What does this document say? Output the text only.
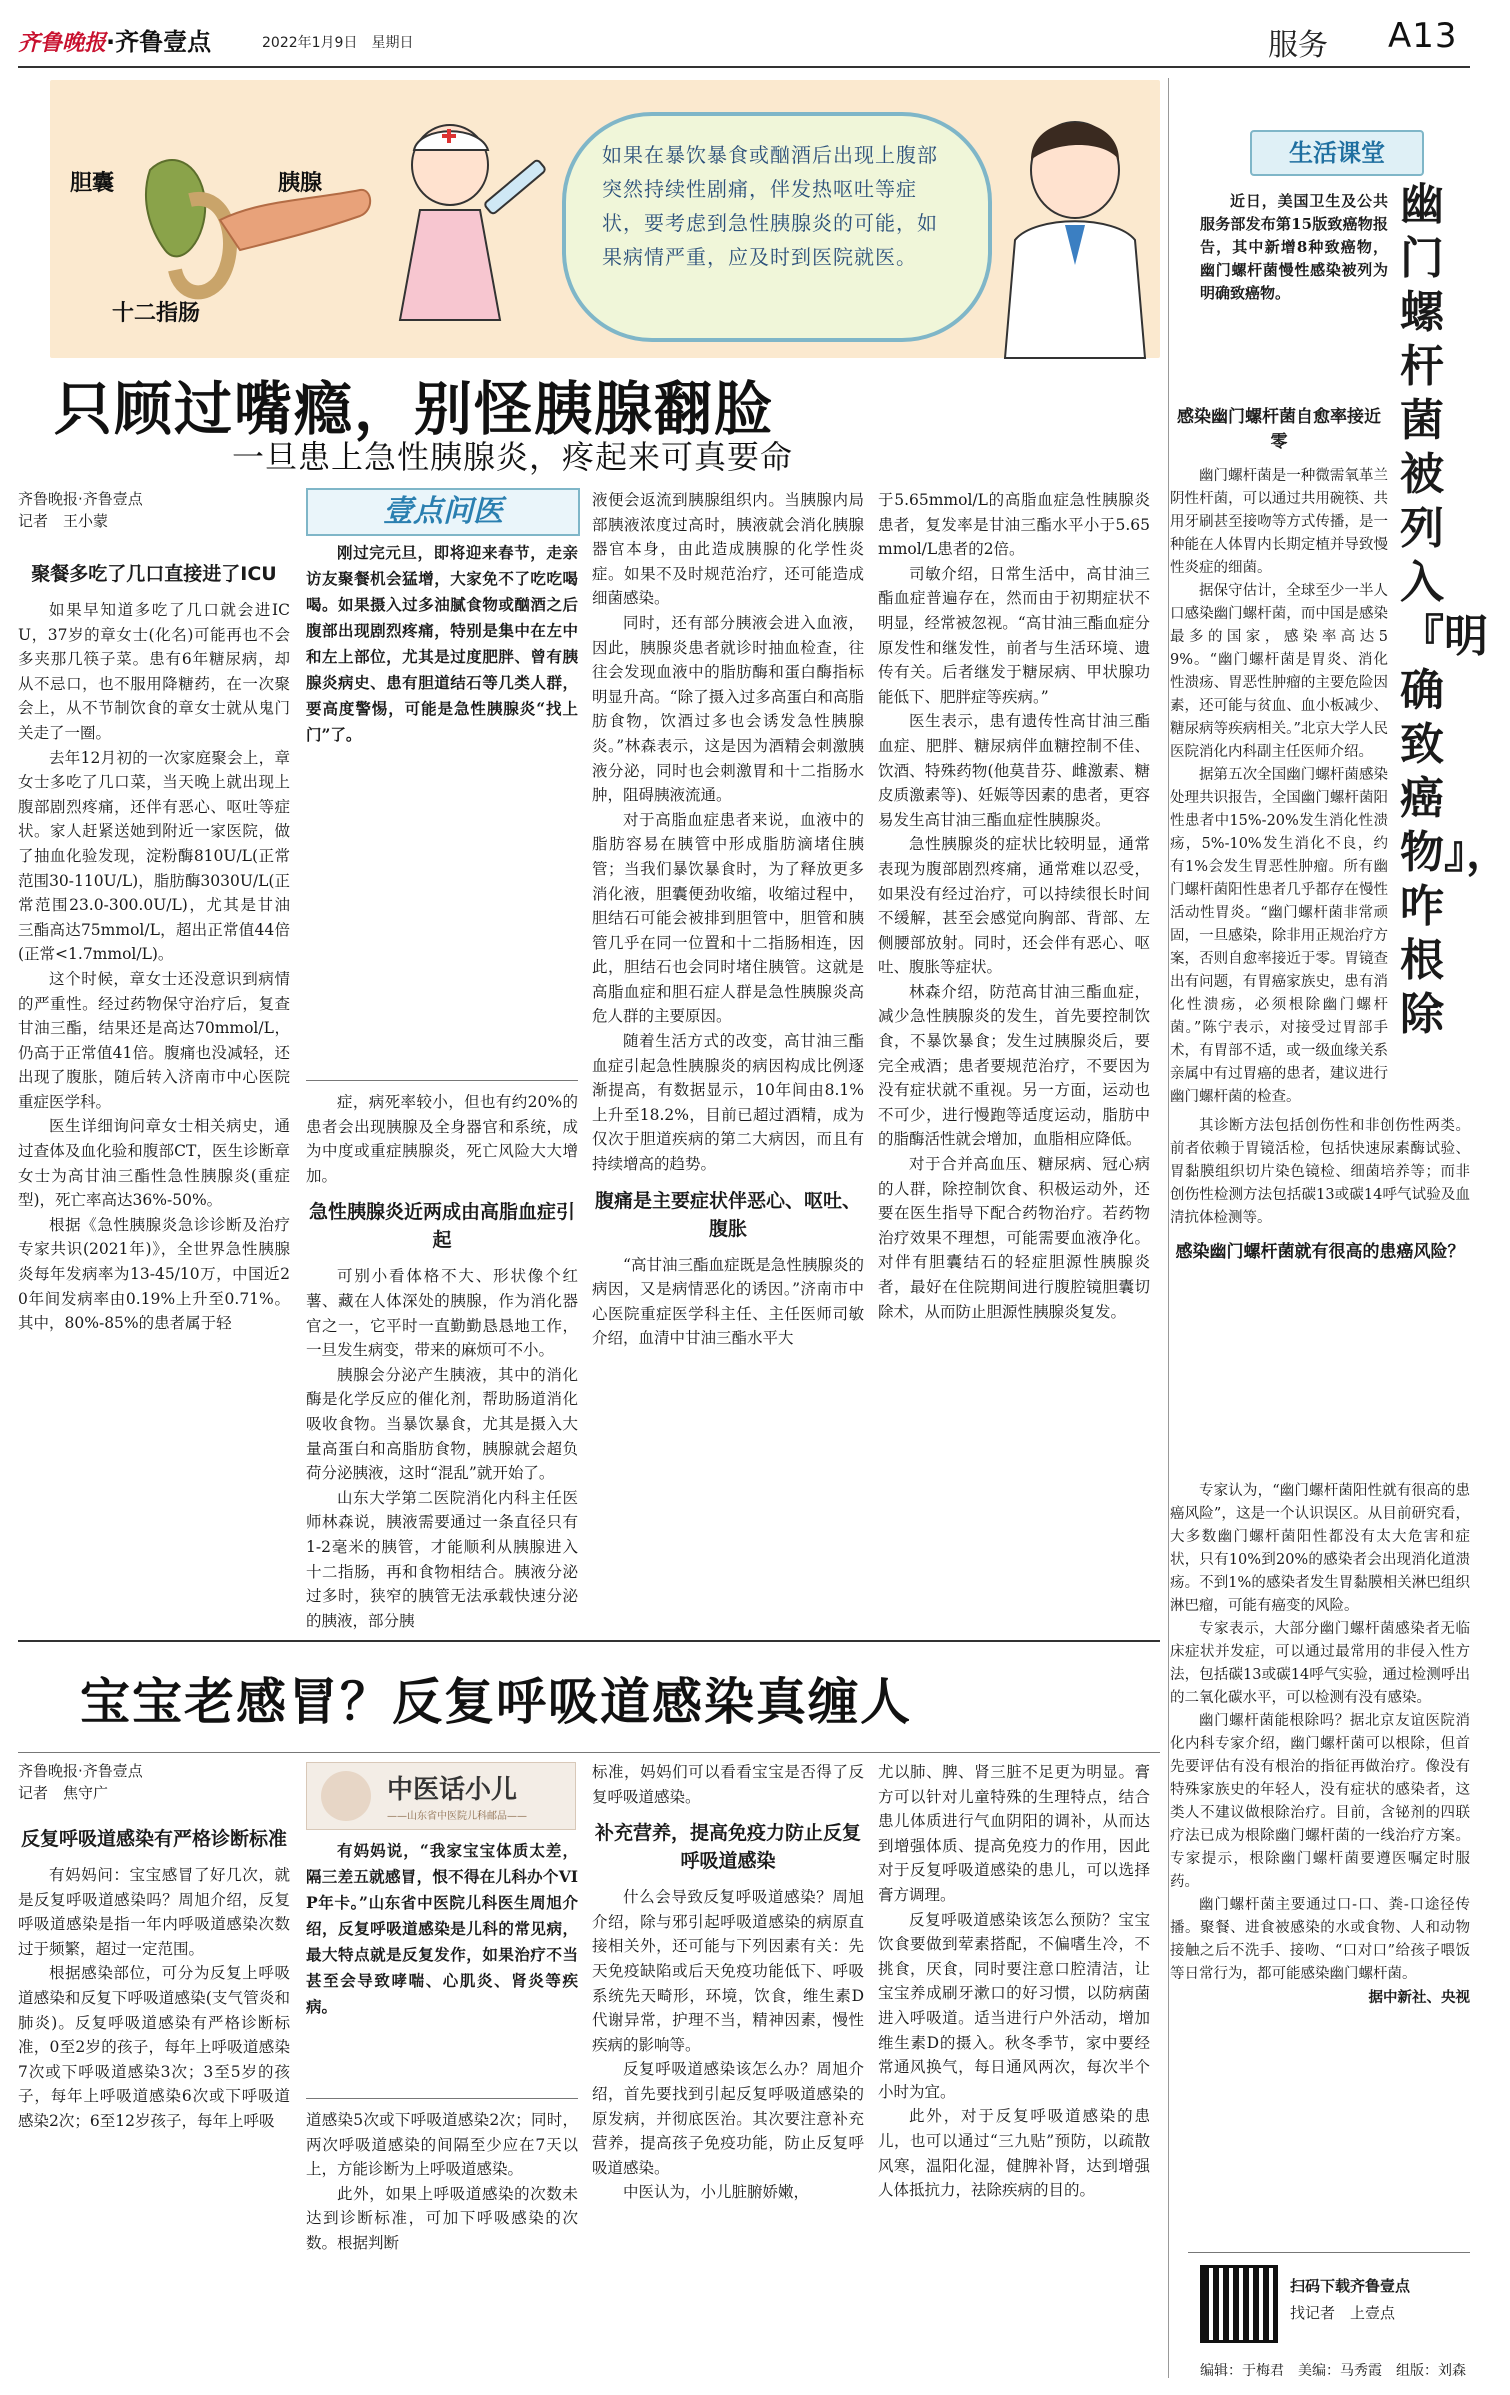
齐鲁晚报·齐鲁壹点	2022年1月9日　星期日	服务 A13
胆囊	胰腺
十二指肠
如果在暴饮暴食或酗酒后出现上腹部突然持续性剧痛，伴发热呕吐等症状，要考虑到急性胰腺炎的可能，如果病情严重，应及时到医院就医。
只顾过嘴瘾，别怪胰腺翻脸
一旦患上急性胰腺炎，疼起来可真要命
齐鲁晚报·齐鲁壹点
记者　王小蒙

聚餐多吃了几口直接进了ICU

如果早知道多吃了几口就会进ICU，37岁的章女士(化名)可能再也不会多夹那几筷子菜。患有6年糖尿病，却从不忌口，也不服用降糖药，在一次聚会上，从不节制饮食的章女士就从鬼门关走了一圈。

去年12月初的一次家庭聚会上，章女士多吃了几口菜，当天晚上就出现上腹部剧烈疼痛，还伴有恶心、呕吐等症状。家人赶紧送她到附近一家医院，做了抽血化验发现，淀粉酶810U/L(正常范围30-110U/L)，脂肪酶3030U/L(正常范围23.0-300.0U/L)，尤其是甘油三酯高达75mmol/L，超出正常值44倍(正常<1.7mmol/L)。

这个时候，章女士还没意识到病情的严重性。经过药物保守治疗后，复查甘油三酯，结果还是高达70mmol/L，仍高于正常值41倍。腹痛也没减轻，还出现了腹胀，随后转入济南市中心医院重症医学科。

医生详细询问章女士相关病史，通过查体及血化验和腹部CT，医生诊断章女士为高甘油三酯性急性胰腺炎(重症型)，死亡率高达36%-50%。

根据《急性胰腺炎急诊诊断及治疗专家共识(2021年)》，全世界急性胰腺炎每年发病率为13-45/10万，中国近20年间发病率由0.19%上升至0.71%。其中，80%-85%的患者属于轻

壹点问医

刚过完元旦，即将迎来春节，走亲访友聚餐机会猛增，大家免不了吃吃喝喝。如果摄入过多油腻食物或酗酒之后腹部出现剧烈疼痛，特别是集中在左中和左上部位，尤其是过度肥胖、曾有胰腺炎病史、患有胆道结石等几类人群，要高度警惕，可能是急性胰腺炎“找上门”了。

症，病死率较小，但也有约20%的患者会出现胰腺及全身器官和系统，成为中度或重症胰腺炎，死亡风险大大增加。

急性胰腺炎近两成由高脂血症引起

可别小看体格不大、形状像个红薯、藏在人体深处的胰腺，作为消化器官之一，它平时一直勤勤恳恳地工作，一旦发生病变，带来的麻烦可不小。

胰腺会分泌产生胰液，其中的消化酶是化学反应的催化剂，帮助肠道消化吸收食物。当暴饮暴食，尤其是摄入大量高蛋白和高脂肪食物，胰腺就会超负荷分泌胰液，这时“混乱”就开始了。

山东大学第二医院消化内科主任医师林森说，胰液需要通过一条直径只有1-2毫米的胰管，才能顺利从胰腺进入十二指肠，再和食物相结合。胰液分泌过多时，狭窄的胰管无法承载快速分泌的胰液，部分胰

液便会返流到胰腺组织内。当胰腺内局部胰液浓度过高时，胰液就会消化胰腺器官本身，由此造成胰腺的化学性炎症。如果不及时规范治疗，还可能造成细菌感染。

同时，还有部分胰液会进入血液，因此，胰腺炎患者就诊时抽血检查，往往会发现血液中的脂肪酶和蛋白酶指标明显升高。“除了摄入过多高蛋白和高脂肪食物，饮酒过多也会诱发急性胰腺炎。”林森表示，这是因为酒精会刺激胰液分泌，同时也会刺激胃和十二指肠水肿，阻碍胰液流通。

对于高脂血症患者来说，血液中的脂肪容易在胰管中形成脂肪滴堵住胰管；当我们暴饮暴食时，为了释放更多消化液，胆囊便劲收缩，收缩过程中，胆结石可能会被排到胆管中，胆管和胰管几乎在同一位置和十二指肠相连，因此，胆结石也会同时堵住胰管。这就是高脂血症和胆石症人群是急性胰腺炎高危人群的主要原因。

随着生活方式的改变，高甘油三酯血症引起急性胰腺炎的病因构成比例逐渐提高，有数据显示，10年间由8.1%上升至18.2%，目前已超过酒精，成为仅次于胆道疾病的第二大病因，而且有持续增高的趋势。

腹痛是主要症状伴恶心、呕吐、腹胀

“高甘油三酯血症既是急性胰腺炎的病因，又是病情恶化的诱因。”济南市中心医院重症医学科主任、主任医师司敏介绍，血清中甘油三酯水平大

于5.65mmol/L的高脂血症急性胰腺炎患者，复发率是甘油三酯水平小于5.65mmol/L患者的2倍。

司敏介绍，日常生活中，高甘油三酯血症普遍存在，然而由于初期症状不明显，经常被忽视。“高甘油三酯血症分原发性和继发性，前者与生活环境、遗传有关。后者继发于糖尿病、甲状腺功能低下、肥胖症等疾病。”

医生表示，患有遗传性高甘油三酯血症、肥胖、糖尿病伴血糖控制不佳、饮酒、特殊药物(他莫昔芬、雌激素、糖皮质激素等)、妊娠等因素的患者，更容易发生高甘油三酯血症性胰腺炎。

急性胰腺炎的症状比较明显，通常表现为腹部剧烈疼痛，通常难以忍受，如果没有经过治疗，可以持续很长时间不缓解，甚至会感觉向胸部、背部、左侧腰部放射。同时，还会伴有恶心、呕吐、腹胀等症状。

林森介绍，防范高甘油三酯血症，减少急性胰腺炎的发生，首先要控制饮食，不暴饮暴食；发生过胰腺炎后，要完全戒酒；患者要规范治疗，不要因为没有症状就不重视。另一方面，运动也不可少，进行慢跑等适度运动，脂肪中的脂酶活性就会增加，血脂相应降低。

对于合并高血压、糖尿病、冠心病的人群，除控制饮食、积极运动外，还要在医生指导下配合药物治疗。若药物治疗效果不理想，可能需要血液净化。对伴有胆囊结石的轻症胆源性胰腺炎者，最好在住院期间进行腹腔镜胆囊切除术，从而防止胆源性胰腺炎复发。

宝宝老感冒？反复呼吸道感染真缠人
齐鲁晚报·齐鲁壹点
记者　焦守广

反复呼吸道感染有严格诊断标准

有妈妈问：宝宝感冒了好几次，就是反复呼吸道感染吗？周旭介绍，反复呼吸道感染是指一年内呼吸道感染次数过于频繁，超过一定范围。

根据感染部位，可分为反复上呼吸道感染和反复下呼吸道感染(支气管炎和肺炎)。反复呼吸道感染有严格诊断标准，0至2岁的孩子，每年上呼吸道感染7次或下呼吸道感染3次；3至5岁的孩子，每年上呼吸道感染6次或下呼吸道感染2次；6至12岁孩子，每年上呼吸

中医话小儿
——山东省中医院儿科邮品——

有妈妈说，“我家宝宝体质太差，隔三差五就感冒，恨不得在儿科办个VIP年卡。”山东省中医院儿科医生周旭介绍，反复呼吸道感染是儿科的常见病，最大特点就是反复发作，如果治疗不当甚至会导致哮喘、心肌炎、肾炎等疾病。

道感染5次或下呼吸道感染2次；同时，两次呼吸道感染的间隔至少应在7天以上，方能诊断为上呼吸道感染。

此外，如果上呼吸道感染的次数未达到诊断标准，可加下呼吸感染的次数。根据判断

标准，妈妈们可以看看宝宝是否得了反复呼吸道感染。

补充营养，提高免疫力防止反复呼吸道感染

什么会导致反复呼吸道感染？周旭介绍，除与邪引起呼吸道感染的病原直接相关外，还可能与下列因素有关：先天免疫缺陷或后天免疫功能低下、呼吸系统先天畸形，环境，饮食，维生素D代谢异常，护理不当，精神因素，慢性疾病的影响等。

反复呼吸道感染该怎么办？周旭介绍，首先要找到引起反复呼吸道感染的原发病，并彻底医治。其次要注意补充营养，提高孩子免疫功能，防止反复呼吸道感染。

中医认为，小儿脏腑娇嫩，

尤以肺、脾、肾三脏不足更为明显。膏方可以针对儿童特殊的生理特点，结合患儿体质进行气血阴阳的调补，从而达到增强体质、提高免疫力的作用，因此对于反复呼吸道感染的患儿，可以选择膏方调理。

反复呼吸道感染该怎么预防？宝宝饮食要做到荤素搭配，不偏嗜生冷，不挑食，厌食，同时要注意口腔清洁，让宝宝养成刷牙漱口的好习惯，以防病菌进入呼吸道。适当进行户外活动，增加维生素D的摄入。秋冬季节，家中要经常通风换气，每日通风两次，每次半个小时为宜。

此外，对于反复呼吸道感染的患儿，也可以通过“三九贴”预防，以疏散风寒，温阳化湿，健脾补肾，达到增强人体抵抗力，祛除疾病的目的。

生活课堂

近日，美国卫生及公共服务部发布第15版致癌物报告，其中新增8种致癌物，幽门螺杆菌慢性感染被列为明确致癌物。

幽门螺杆菌被列入『明确致癌物』，咋根除

感染幽门螺杆菌自愈率接近零

幽门螺杆菌是一种微需氧革兰阴性杆菌，可以通过共用碗筷、共用牙刷甚至接吻等方式传播，是一种能在人体胃内长期定植并导致慢性炎症的细菌。

据保守估计，全球至少一半人口感染幽门螺杆菌，而中国是感染最多的国家，感染率高达59%。“幽门螺杆菌是胃炎、消化性溃疡、胃恶性肿瘤的主要危险因素，还可能与贫血、血小板减少、糖尿病等疾病相关。”北京大学人民医院消化内科副主任医师介绍。

据第五次全国幽门螺杆菌感染处理共识报告，全国幽门螺杆菌阳性患者中15%-20%发生消化性溃疡，5%-10%发生消化不良，约有1%会发生胃恶性肿瘤。所有幽门螺杆菌阳性患者几乎都存在慢性活动性胃炎。“幽门螺杆菌非常顽固，一旦感染，除非用正规治疗方案，否则自愈率接近于零。胃镜查出有问题，有胃癌家族史，患有消化性溃疡，必须根除幽门螺杆菌。”陈宁表示，对接受过胃部手术，有胃部不适，或一级血缘关系亲属中有过胃癌的患者，建议进行幽门螺杆菌的检查。

其诊断方法包括创伤性和非创伤性两类。前者依赖于胃镜活检，包括快速尿素酶试验、胃黏膜组织切片染色镜检、细菌培养等；而非创伤性检测方法包括碳13或碳14呼气试验及血清抗体检测等。

感染幽门螺杆菌就有很高的患癌风险？

专家认为，“幽门螺杆菌阳性就有很高的患癌风险”，这是一个认识误区。从目前研究看，大多数幽门螺杆菌阳性都没有太大危害和症状，只有10%到20%的感染者会出现消化道溃疡。不到1%的感染者发生胃黏膜相关淋巴组织淋巴瘤，可能有癌变的风险。

专家表示，大部分幽门螺杆菌感染者无临床症状并发症，可以通过最常用的非侵入性方法，包括碳13或碳14呼气实验，通过检测呼出的二氧化碳水平，可以检测有没有感染。

幽门螺杆菌能根除吗？据北京友谊医院消化内科专家介绍，幽门螺杆菌可以根除，但首先要评估有没有根治的指征再做治疗。像没有特殊家族史的年轻人，没有症状的感染者，这类人不建议做根除治疗。目前，含铋剂的四联疗法已成为根除幽门螺杆菌的一线治疗方案。专家提示，根除幽门螺杆菌要遵医嘱定时服药。

幽门螺杆菌主要通过口-口、粪-口途径传播。聚餐、进食被感染的水或食物、人和动物接触之后不洗手、接吻、“口对口”给孩子喂饭等日常行为，都可能感染幽门螺杆菌。

据中新社、央视

扫码下载齐鲁壹点
找记者　上壹点
编辑：于梅君　美编：马秀霞　组版：刘森
